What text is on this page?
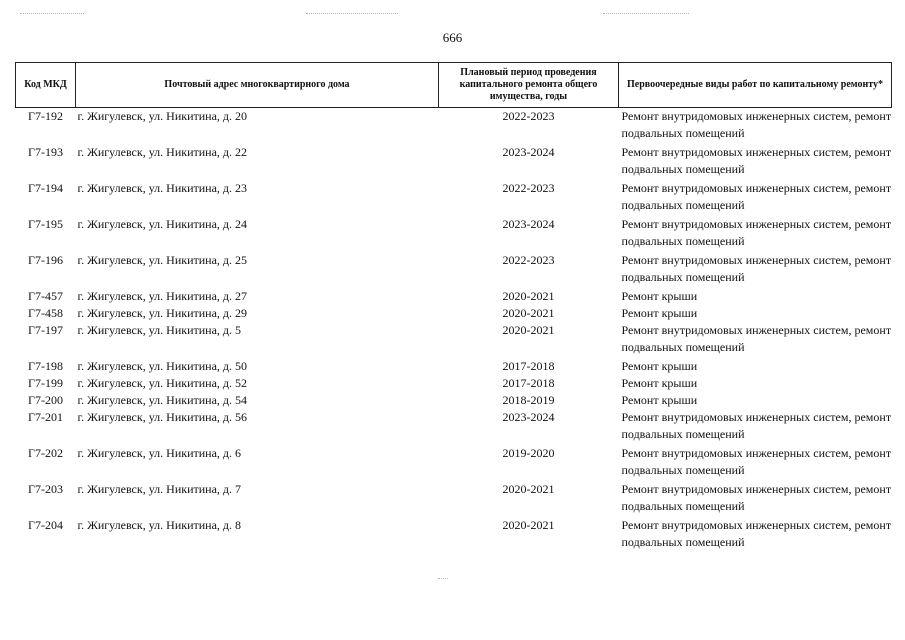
666
Код МКД	Почтовый адрес многоквартирного дома	Плановый период проведения капитального ремонта общего имущества, годы	Первоочередные виды работ по капитальному ремонту*
Г7-192	г. Жигулевск, ул. Никитина, д. 20	2022-2023	Ремонт внутридомовых инженерных систем, ремонт подвальных помещений
Г7-193	г. Жигулевск, ул. Никитина, д. 22	2023-2024	Ремонт внутридомовых инженерных систем, ремонт подвальных помещений
Г7-194	г. Жигулевск, ул. Никитина, д. 23	2022-2023	Ремонт внутридомовых инженерных систем, ремонт подвальных помещений
Г7-195	г. Жигулевск, ул. Никитина, д. 24	2023-2024	Ремонт внутридомовых инженерных систем, ремонт подвальных помещений
Г7-196	г. Жигулевск, ул. Никитина, д. 25	2022-2023	Ремонт внутридомовых инженерных систем, ремонт подвальных помещений
Г7-457	г. Жигулевск, ул. Никитина, д. 27	2020-2021	Ремонт крыши
Г7-458	г. Жигулевск, ул. Никитина, д. 29	2020-2021	Ремонт крыши
Г7-197	г. Жигулевск, ул. Никитина, д. 5	2020-2021	Ремонт внутридомовых инженерных систем, ремонт подвальных помещений
Г7-198	г. Жигулевск, ул. Никитина, д. 50	2017-2018	Ремонт крыши
Г7-199	г. Жигулевск, ул. Никитина, д. 52	2017-2018	Ремонт крыши
Г7-200	г. Жигулевск, ул. Никитина, д. 54	2018-2019	Ремонт крыши
Г7-201	г. Жигулевск, ул. Никитина, д. 56	2023-2024	Ремонт внутридомовых инженерных систем, ремонт подвальных помещений
Г7-202	г. Жигулевск, ул. Никитина, д. 6	2019-2020	Ремонт внутридомовых инженерных систем, ремонт подвальных помещений
Г7-203	г. Жигулевск, ул. Никитина, д. 7	2020-2021	Ремонт внутридомовых инженерных систем, ремонт подвальных помещений
Г7-204	г. Жигулевск, ул. Никитина, д. 8	2020-2021	Ремонт внутридомовых инженерных систем, ремонт подвальных помещений
